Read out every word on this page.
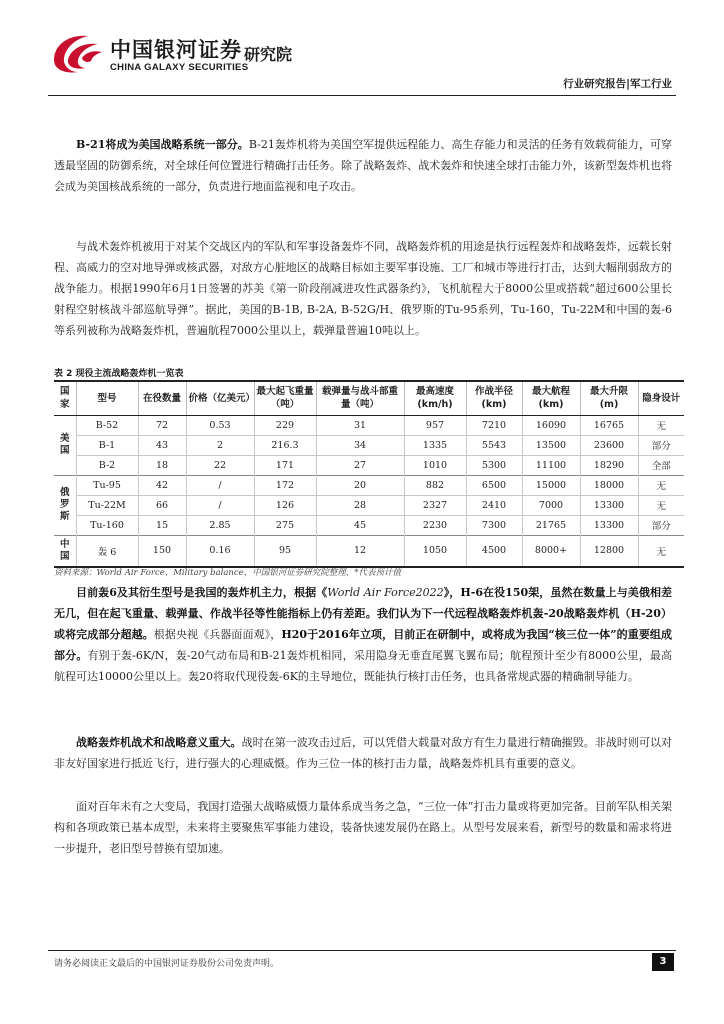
中国银河证券
CHINA GALAXY SECURITIES
研究院
行业研究报告|军工行业

B-21将成为美国战略系统一部分。B-21轰炸机将为美国空军提供远程能力、高生存能力和灵活的任务有效载荷能力，可穿透最坚固的防御系统，对全球任何位置进行精确打击任务。除了战略轰炸、战术轰炸和快速全球打击能力外，该新型轰炸机也将会成为美国核战系统的一部分，负责进行地面监视和电子攻击。

与战术轰炸机被用于对某个交战区内的军队和军事设备轰炸不同，战略轰炸机的用途是执行远程轰炸和战略轰炸，远载长射程、高威力的空对地导弹或核武器，对敌方心脏地区的战略目标如主要军事设施、工厂和城市等进行打击，达到大幅削弱敌方的战争能力。根据1990年6月1日签署的苏美《第一阶段削减进攻性武器条约》，飞机航程大于8000公里或搭载“超过600公里长射程空射核战斗部巡航导弹”。据此，美国的B-1B, B-2A, B-52G/H、俄罗斯的Tu-95系列，Tu-160，Tu-22M和中国的轰-6等系列被称为战略轰炸机，普遍航程7000公里以上，载弹量普遍10吨以上。

表 2 现役主流战略轰炸机一览表
国家	型号	在役数量	价格（亿美元）	最大起飞重量（吨）	载弹量与战斗部重量（吨）	最高速度(km/h)	作战半径(km)	最大航程(km)	最大升限(m)	隐身设计
美国	B-52	72	0.53	229	31	957	7210	16090	16765	无
	B-1	43	2	216.3	34	1335	5543	13500	23600	部分
	B-2	18	22	171	27	1010	5300	11100	18290	全部
俄罗斯	Tu-95	42	/	172	20	882	6500	15000	18000	无
	Tu-22M	66	/	126	28	2327	2410	7000	13300	无
	Tu-160	15	2.85	275	45	2230	7300	21765	13300	部分
中国	轰 6	150	0.16	95	12	1050	4500	8000+	12800	无
资料来源：World Air Force、Military balance，中国银河证券研究院整理，*代表预计值

目前轰6及其衍生型号是我国的轰炸机主力，根据《World Air Force2022》，H-6在役150架，虽然在数量上与美俄相差无几，但在起飞重量、载弹量、作战半径等性能指标上仍有差距。我们认为下一代远程战略轰炸机轰-20战略轰炸机（H-20）或将完成部分超越。根据央视《兵器面面观》，H20于2016年立项，目前正在研制中，或将成为我国“核三位一体”的重要组成部分。有别于轰-6K/N，轰-20气动布局和B-21轰炸机相同，采用隐身无垂直尾翼飞翼布局；航程预计至少有8000公里，最高航程可达10000公里以上。轰20将取代现役轰-6K的主导地位，既能执行核打击任务，也具备常规武器的精确制导能力。

战略轰炸机战术和战略意义重大。战时在第一波攻击过后，可以凭借大载量对敌方有生力量进行精确摧毁。非战时则可以对非友好国家进行抵近飞行，进行强大的心理威慑。作为三位一体的核打击力量，战略轰炸机具有重要的意义。

面对百年未有之大变局，我国打造强大战略威慑力量体系成当务之急，“三位一体”打击力量或将更加完备。目前军队相关架构和各项政策已基本成型，未来将主要聚焦军事能力建设，装备快速发展仍在路上。从型号发展来看，新型号的数量和需求将进一步提升，老旧型号替换有望加速。

请务必阅读正文最后的中国银河证券股份公司免责声明。	3
